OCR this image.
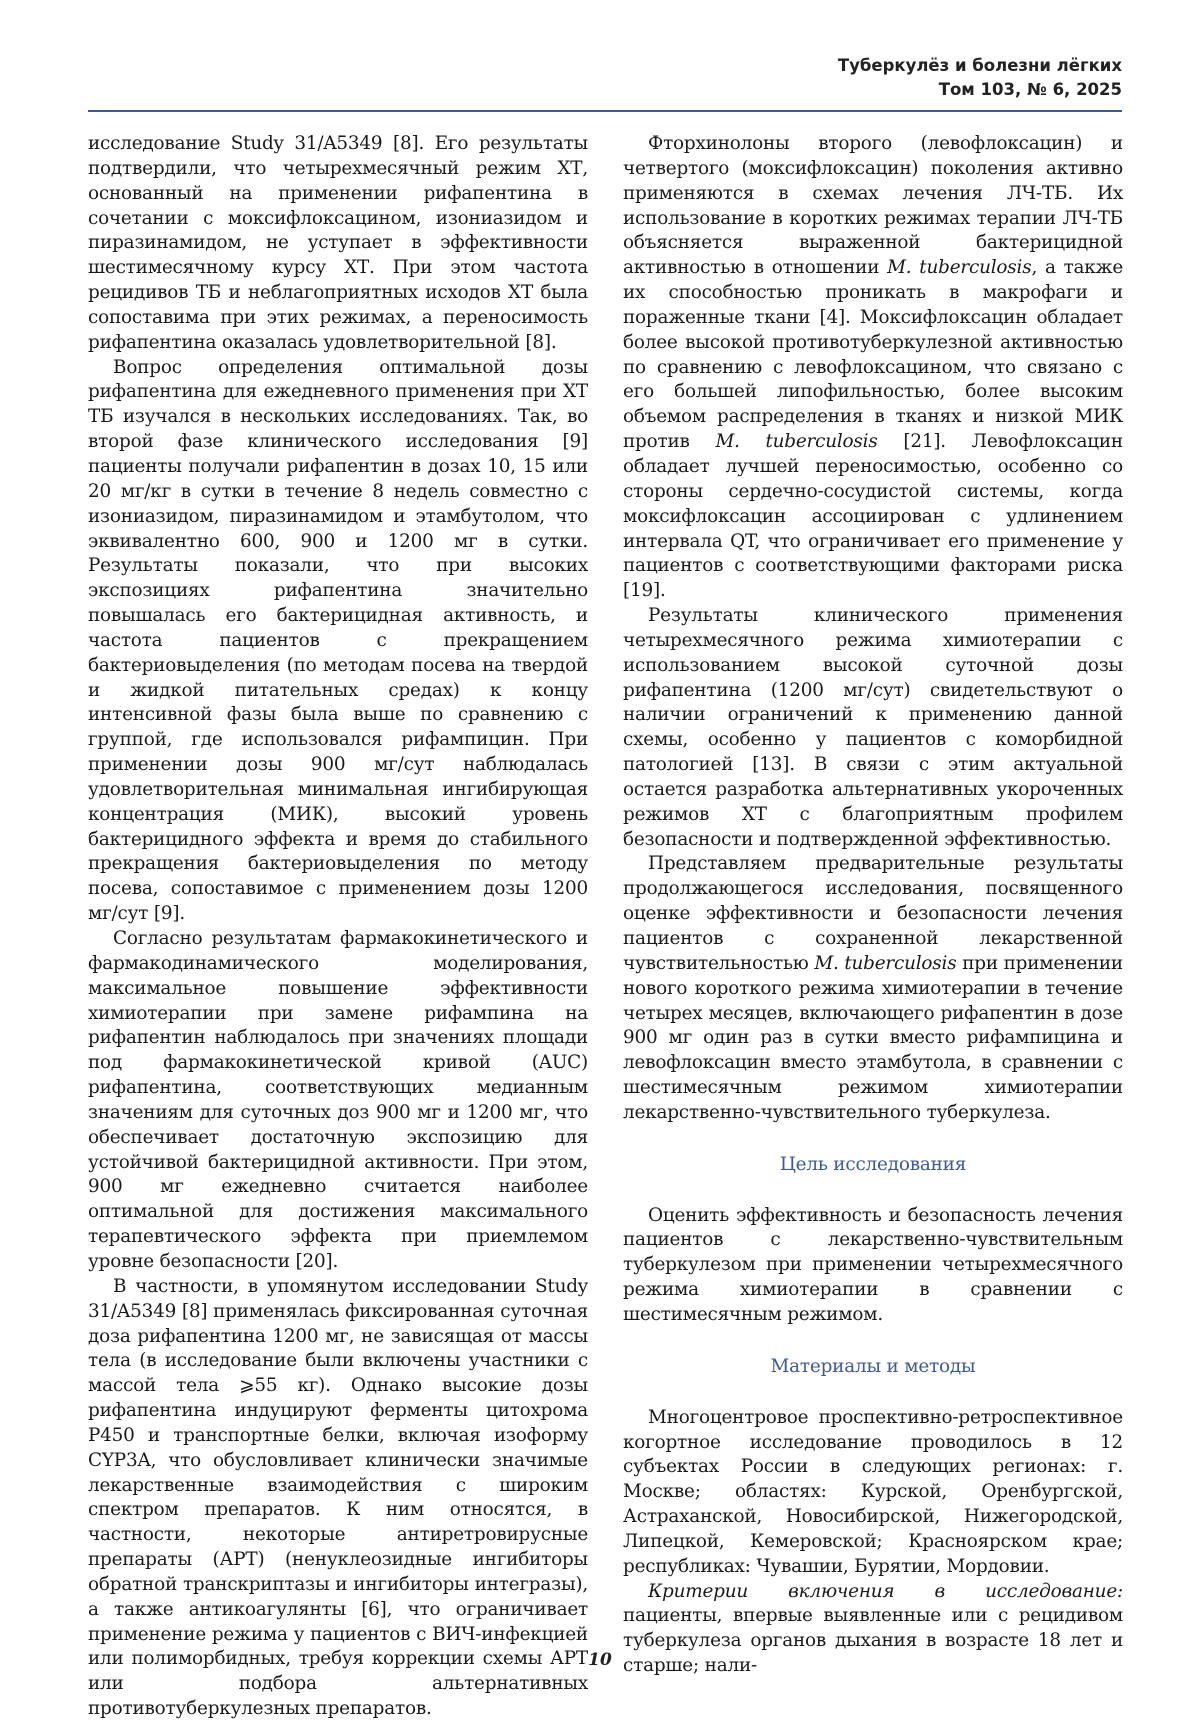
Туберкулёз и болезни лёгких
Том 103, № 6, 2025

исследование Study 31/A5349 [8]. Его результаты подтвердили, что четырехмесячный режим ХТ, основанный на применении рифапентина в сочетании с моксифлоксацином, изониазидом и пиразинамидом, не уступает в эффективности шестимесячному курсу ХТ. При этом частота рецидивов ТБ и неблагоприятных исходов ХТ была сопоставима при этих режимах, а переносимость рифапентина оказалась удовлетворительной [8].

Вопрос определения оптимальной дозы рифапентина для ежедневного применения при ХТ ТБ изучался в нескольких исследованиях. Так, во второй фазе клинического исследования [9] пациенты получали рифапентин в дозах 10, 15 или 20 мг/кг в сутки в течение 8 недель совместно с изониазидом, пиразинамидом и этамбутолом, что эквивалентно 600, 900 и 1200 мг в сутки. Результаты показали, что при высоких экспозициях рифапентина значительно повышалась его бактерицидная активность, и частота пациентов с прекращением бактериовыделения (по методам посева на твердой и жидкой питательных средах) к концу интенсивной фазы была выше по сравнению с группой, где использовался рифампицин. При применении дозы 900 мг/сут наблюдалась удовлетворительная минимальная ингибирующая концентрация (МИК), высокий уровень бактерицидного эффекта и время до стабильного прекращения бактериовыделения по методу посева, сопоставимое с применением дозы 1200 мг/сут [9].

Согласно результатам фармакокинетического и фармакодинамического моделирования, максимальное повышение эффективности химиотерапии при замене рифампина на рифапентин наблюдалось при значениях площади под фармакокинетической кривой (AUC) рифапентина, соответствующих медианным значениям для суточных доз 900 мг и 1200 мг, что обеспечивает достаточную экспозицию для устойчивой бактерицидной активности. При этом, 900 мг ежедневно считается наиболее оптимальной для достижения максимального терапевтического эффекта при приемлемом уровне безопасности [20].

В частности, в упомянутом исследовании Study 31/A5349 [8] применялась фиксированная суточная доза рифапентина 1200 мг, не зависящая от массы тела (в исследование были включены участники с массой тела ⩾55 кг). Однако высокие дозы рифапентина индуцируют ферменты цитохрома P450 и транспортные белки, включая изоформу CYP3A, что обусловливает клинически значимые лекарственные взаимодействия с широким спектром препаратов. К ним относятся, в частности, некоторые антиретровирусные препараты (АРТ) (ненуклеозидные ингибиторы обратной транскриптазы и ингибиторы интегразы), а также антикоагулянты [6], что ограничивает применение режима у пациентов с ВИЧ-инфекцией или полиморбидных, требуя коррекции схемы АРТ или подбора альтернативных противотуберкулезных препаратов.

Фторхинолоны второго (левофлоксацин) и четвертого (моксифлоксацин) поколения активно применяются в схемах лечения ЛЧ-ТБ. Их использование в коротких режимах терапии ЛЧ-ТБ объясняется выраженной бактерицидной активностью в отношении M. tuberculosis, а также их способностью проникать в макрофаги и пораженные ткани [4]. Моксифлоксацин обладает более высокой противотуберкулезной активностью по сравнению с левофлоксацином, что связано с его большей липофильностью, более высоким объемом распределения в тканях и низкой МИК против M. tuberculosis [21]. Левофлоксацин обладает лучшей переносимостью, особенно со стороны сердечно-сосудистой системы, когда моксифлоксацин ассоциирован с удлинением интервала QT, что ограничивает его применение у пациентов с соответствующими факторами риска [19].

Результаты клинического применения четырехмесячного режима химиотерапии с использованием высокой суточной дозы рифапентина (1200 мг/сут) свидетельствуют о наличии ограничений к применению данной схемы, особенно у пациентов с коморбидной патологией [13]. В связи с этим актуальной остается разработка альтернативных укороченных режимов ХТ с благоприятным профилем безопасности и подтвержденной эффективностью.

Представляем предварительные результаты продолжающегося исследования, посвященного оценке эффективности и безопасности лечения пациентов с сохраненной лекарственной чувствительностью M. tuberculosis при применении нового короткого режима химиотерапии в течение четырех месяцев, включающего рифапентин в дозе 900 мг один раз в сутки вместо рифампицина и левофлоксацин вместо этамбутола, в сравнении с шестимесячным режимом химиотерапии лекарственно-чувствительного туберкулеза.

Цель исследования

Оценить эффективность и безопасность лечения пациентов с лекарственно-чувствительным туберкулезом при применении четырехмесячного режима химиотерапии в сравнении с шестимесячным режимом.

Материалы и методы

Многоцентровое проспективно-ретроспективное когортное исследование проводилось в 12 субъектах России в следующих регионах: г. Москве; областях: Курской, Оренбургской, Астраханской, Новосибирской, Нижегородской, Липецкой, Кемеровской; Красноярском крае; республиках: Чувашии, Бурятии, Мордовии.

Критерии включения в исследование: пациенты, впервые выявленные или с рецидивом туберкулеза органов дыхания в возрасте 18 лет и старше; нали-

10
